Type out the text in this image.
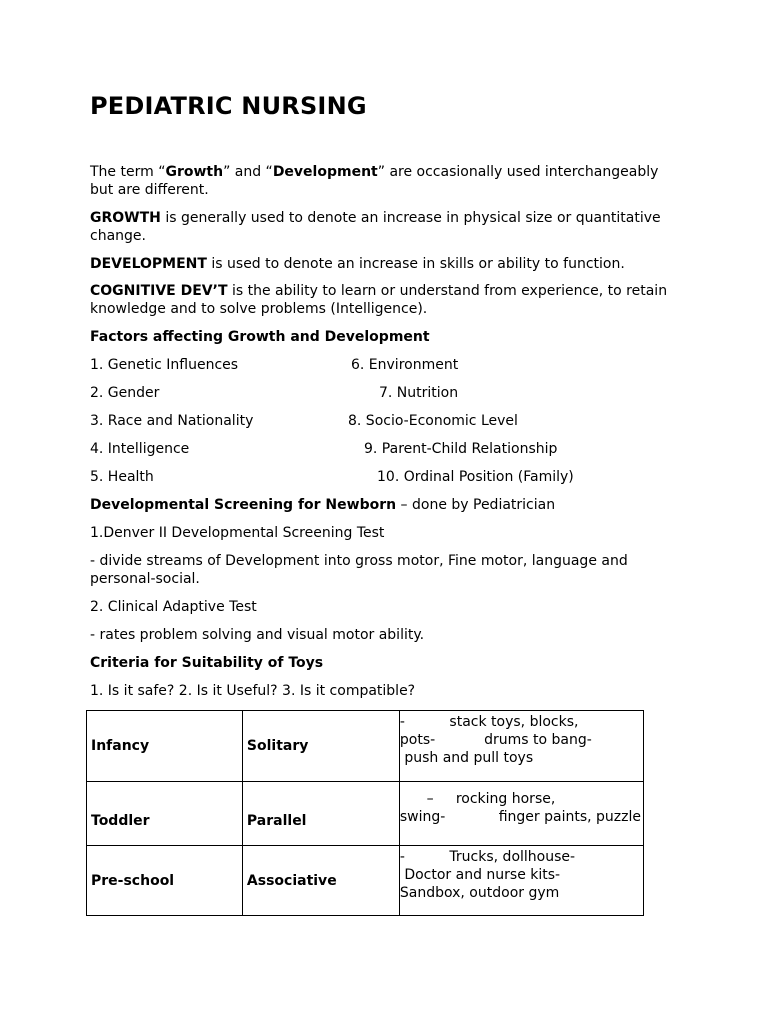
PEDIATRIC NURSING

The term “Growth” and “Development” are occasionally used interchangeably
but are different.

GROWTH is generally used to denote an increase in physical size or quantitative
change.

DEVELOPMENT is used to denote an increase in skills or ability to function.

COGNITIVE DEV’T is the ability to learn or understand from experience, to retain
knowledge and to solve problems (Intelligence).

Factors affecting Growth and Development

1. Genetic Influences
2. Gender
3. Race and Nationality
4. Intelligence
5. Health
6. Environment
7. Nutrition
8. Socio-Economic Level
9. Parent-Child Relationship
10. Ordinal Position (Family)

Developmental Screening for Newborn – done by Pediatrician

1.Denver II Developmental Screening Test

- divide streams of Development into gross motor, Fine motor, language and
personal-social.

2. Clinical Adaptive Test

- rates problem solving and visual motor ability.

Criteria for Suitability of Toys

1. Is it safe? 2. Is it Useful? 3. Is it compatible?

Infancy	Solitary	-          stack toys, blocks,
pots-           drums to bang-
push and pull toys

Toddler	Parallel	–     rocking horse,
swing-            finger paints, puzzle

Pre-school	Associative	-          Trucks, dollhouse-
Doctor and nurse kits-
Sandbox, outdoor gym
